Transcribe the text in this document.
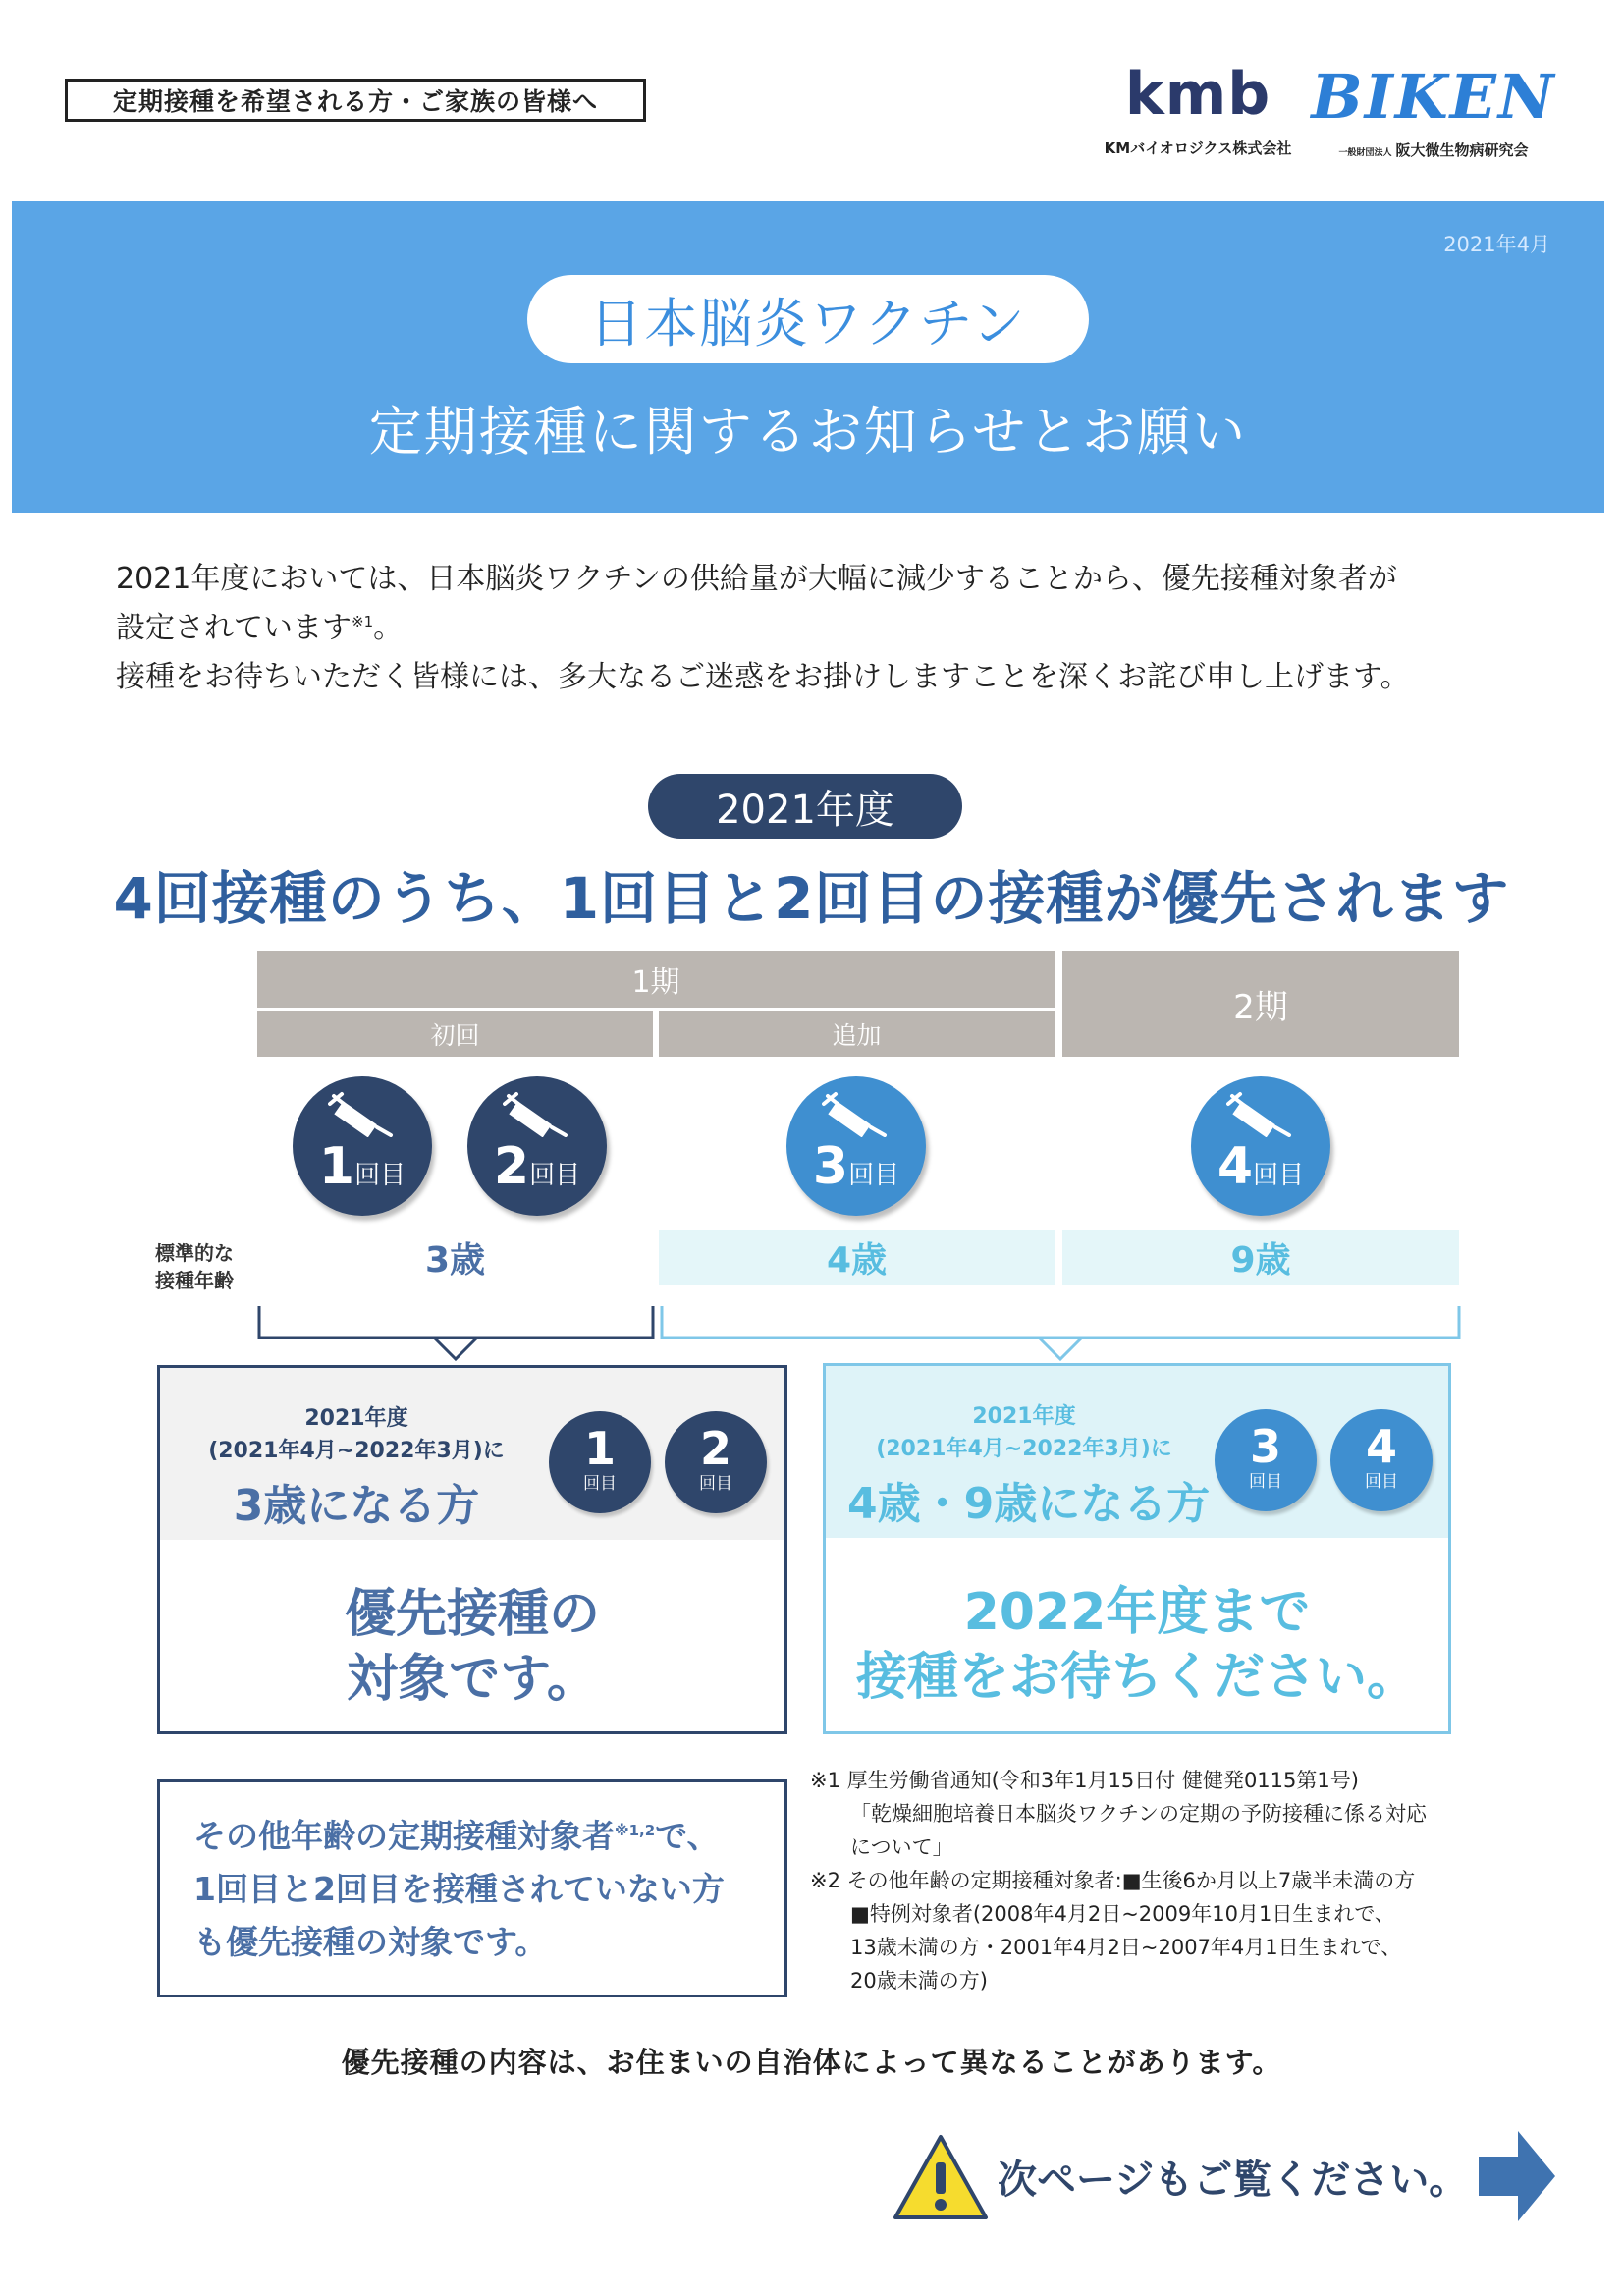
定期接種を希望される方・ご家族の皆様へ	kmb
KMバイオロジクス株式会社
BIKEN
一般財団法人 阪大微生物病研究会
2021年4月
日本脳炎ワクチン
定期接種に関するお知らせとお願い
2021年度においては、日本脳炎ワクチンの供給量が大幅に減少することから、優先接種対象者が
設定されています$^{※1}$。
接種をお待ちいただく皆様には、多大なるご迷惑をお掛けしますことを深くお詫び申し上げます。
2021年度
4回接種のうち、1回目と2回目の接種が優先されます
1期
初回	追加
2期
1回目	2回目	3回目	4回目
標準的な
接種年齢
3歳	4歳	9歳
2021年度
(2021年4月~2022年3月)に
3歳になる方
1
回目
2
回目
優先接種の
対象です。
2021年度
(2021年4月~2022年3月)に
4歳・9歳になる方
3
回目
4
回目
2022年度まで
接種をお待ちください。

その他年齢の定期接種対象者$^{※1,2}$で、

1回目と2回目を接種されていない方

も優先接種の対象です。

※1 厚生労働省通知(令和3年1月15日付 健健発0115第1号)
「乾燥細胞培養日本脳炎ワクチンの定期の予防接種に係る対応
について」
※2 その他年齢の定期接種対象者:■生後6か月以上7歳半未満の方
■特例対象者(2008年4月2日~2009年10月1日生まれで、
13歳未満の方・2001年4月2日~2007年4月1日生まれで、
20歳未満の方)
優先接種の内容は、お住まいの自治体によって異なることがあります。
次ページもご覧ください。
